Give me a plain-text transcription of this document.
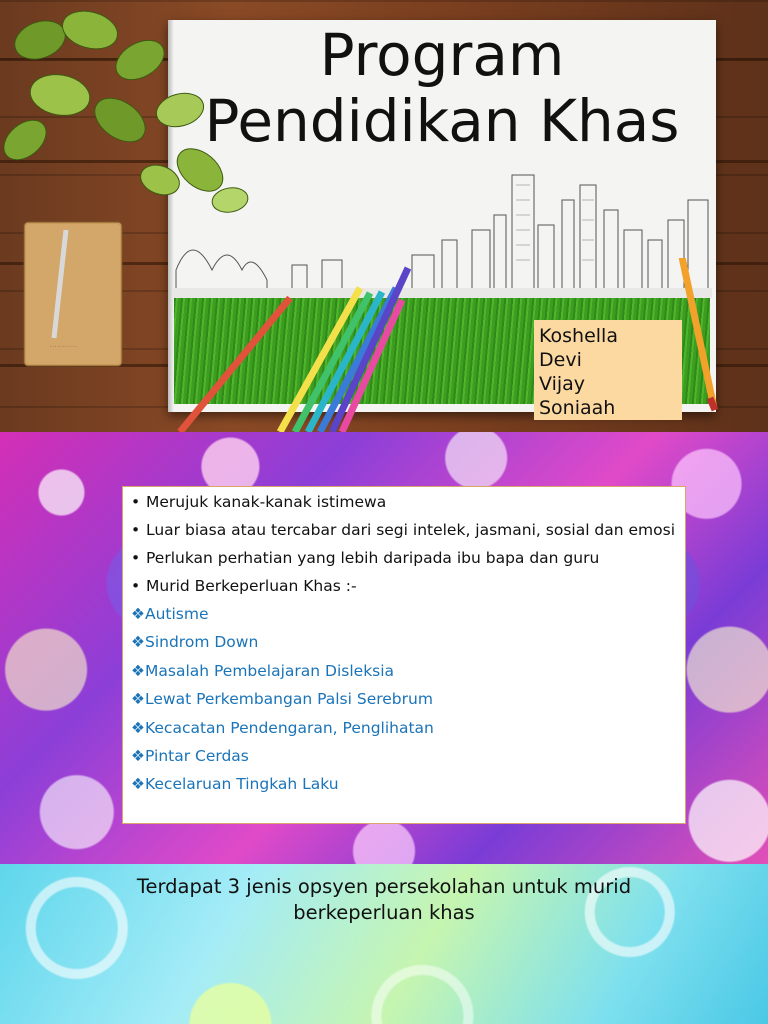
Program
Pendidikan Khas
· · · · · · · · · · ·	Koshella
Devi
Vijay
Soniaah
• Merujuk kanak-kanak istimewa
• Luar biasa atau tercabar dari segi intelek, jasmani, sosial dan emosi
• Perlukan perhatian yang lebih daripada ibu bapa dan guru
• Murid Berkeperluan Khas :-
❖Autisme
❖Sindrom Down
❖Masalah Pembelajaran Disleksia
❖Lewat Perkembangan Palsi Serebrum
❖Kecacatan Pendengaran, Penglihatan
❖Pintar Cerdas
❖Kecelaruan Tingkah Laku
Terdapat 3 jenis opsyen persekolahan untuk murid berkeperluan khas
